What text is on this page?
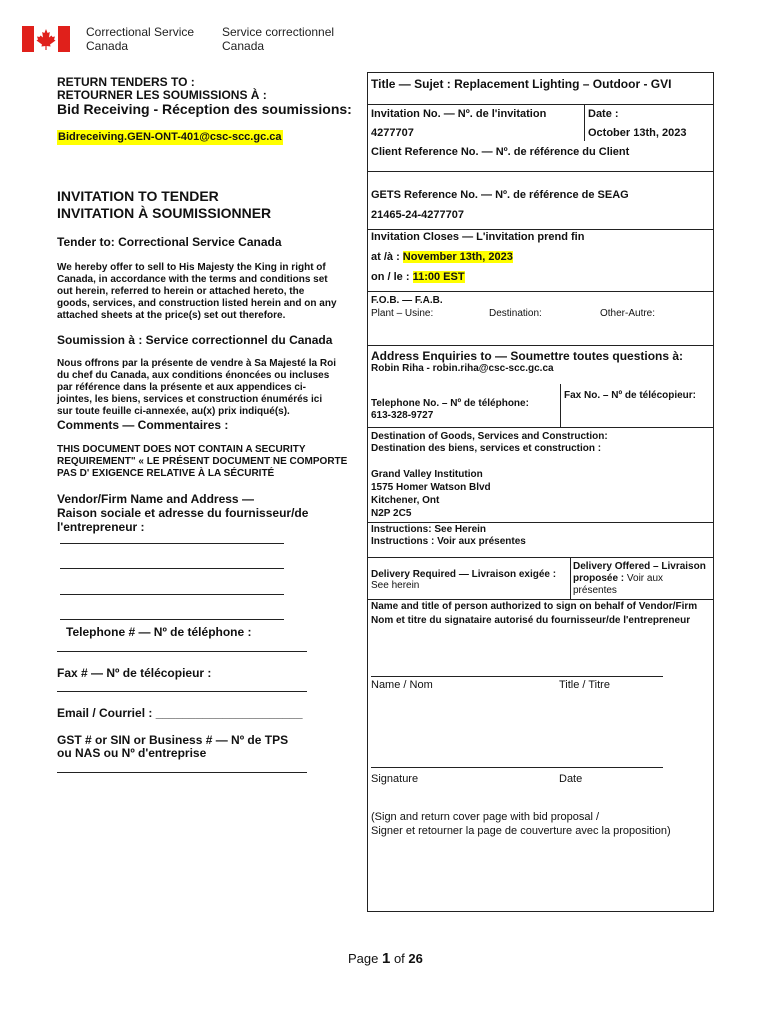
Correctional Service
Canada
Service correctionnel
Canada
RETURN TENDERS TO :
RETOURNER LES SOUMISSIONS À :
Bid Receiving - Réception des soumissions:
Bidreceiving.GEN-ONT-401@csc-scc.gc.ca
INVITATION TO TENDER
INVITATION À SOUMISSIONNER
Tender to: Correctional Service Canada
We hereby offer to sell to His Majesty the King in right of
Canada, in accordance with the terms and conditions set
out herein, referred to herein or attached hereto, the
goods, services, and construction listed herein and on any
attached sheets at the price(s) set out therefore.
Soumission à : Service correctionnel du Canada
Nous offrons par la présente de vendre à Sa Majesté la Roi
du chef du Canada, aux conditions énoncées ou incluses
par référence dans la présente et aux appendices ci-
jointes, les biens, services et construction énumérés ici
sur toute feuille ci-annexée, au(x) prix indiqué(s).
Comments — Commentaires :
THIS DOCUMENT DOES NOT CONTAIN A SECURITY
REQUIREMENT" « LE PRÉSENT DOCUMENT NE COMPORTE
PAS D' EXIGENCE RELATIVE À LA SÉCURITÉ
Vendor/Firm Name and Address —
Raison sociale et adresse du fournisseur/de
l'entrepreneur :
Telephone # — Nº de téléphone :
Fax # — Nº de télécopieur :
Email / Courriel : ______________________
GST # or SIN or Business # — Nº de TPS
ou NAS ou Nº d'entreprise
Title — Sujet : Replacement Lighting – Outdoor - GVI
Invitation No. — Nº. de l'invitation	Date :
4277707	October 13th, 2023
Client Reference No. — Nº. de référence du Client
GETS Reference No. — Nº. de référence de SEAG
21465-24-4277707
Invitation Closes — L'invitation prend fin
at /à : November 13th, 2023
on / le : 11:00 EST
F.O.B. — F.A.B.
Plant – Usine:	Destination:	Other-Autre:
Address Enquiries to — Soumettre toutes questions à:
Robin Riha - robin.riha@csc-scc.gc.ca
Telephone No. – Nº de téléphone:
613-328-9727
Fax No. – Nº de télécopieur:
Destination of Goods, Services and Construction:
Destination des biens, services et construction :
Grand Valley Institution
1575 Homer Watson Blvd
Kitchener, Ont
N2P 2C5
Instructions: See Herein
Instructions : Voir aux présentes
Delivery Required — Livraison exigée :
See herein
Delivery Offered – Livraison
proposée : Voir aux
présentes
Name and title of person authorized to sign on behalf of Vendor/Firm
Nom et titre du signataire autorisé du fournisseur/de l'entrepreneur
Name / Nom	Title / Titre
Signature	Date
(Sign and return cover page with bid proposal /
Signer et retourner la page de couverture avec la proposition)
Page 1 of 26
